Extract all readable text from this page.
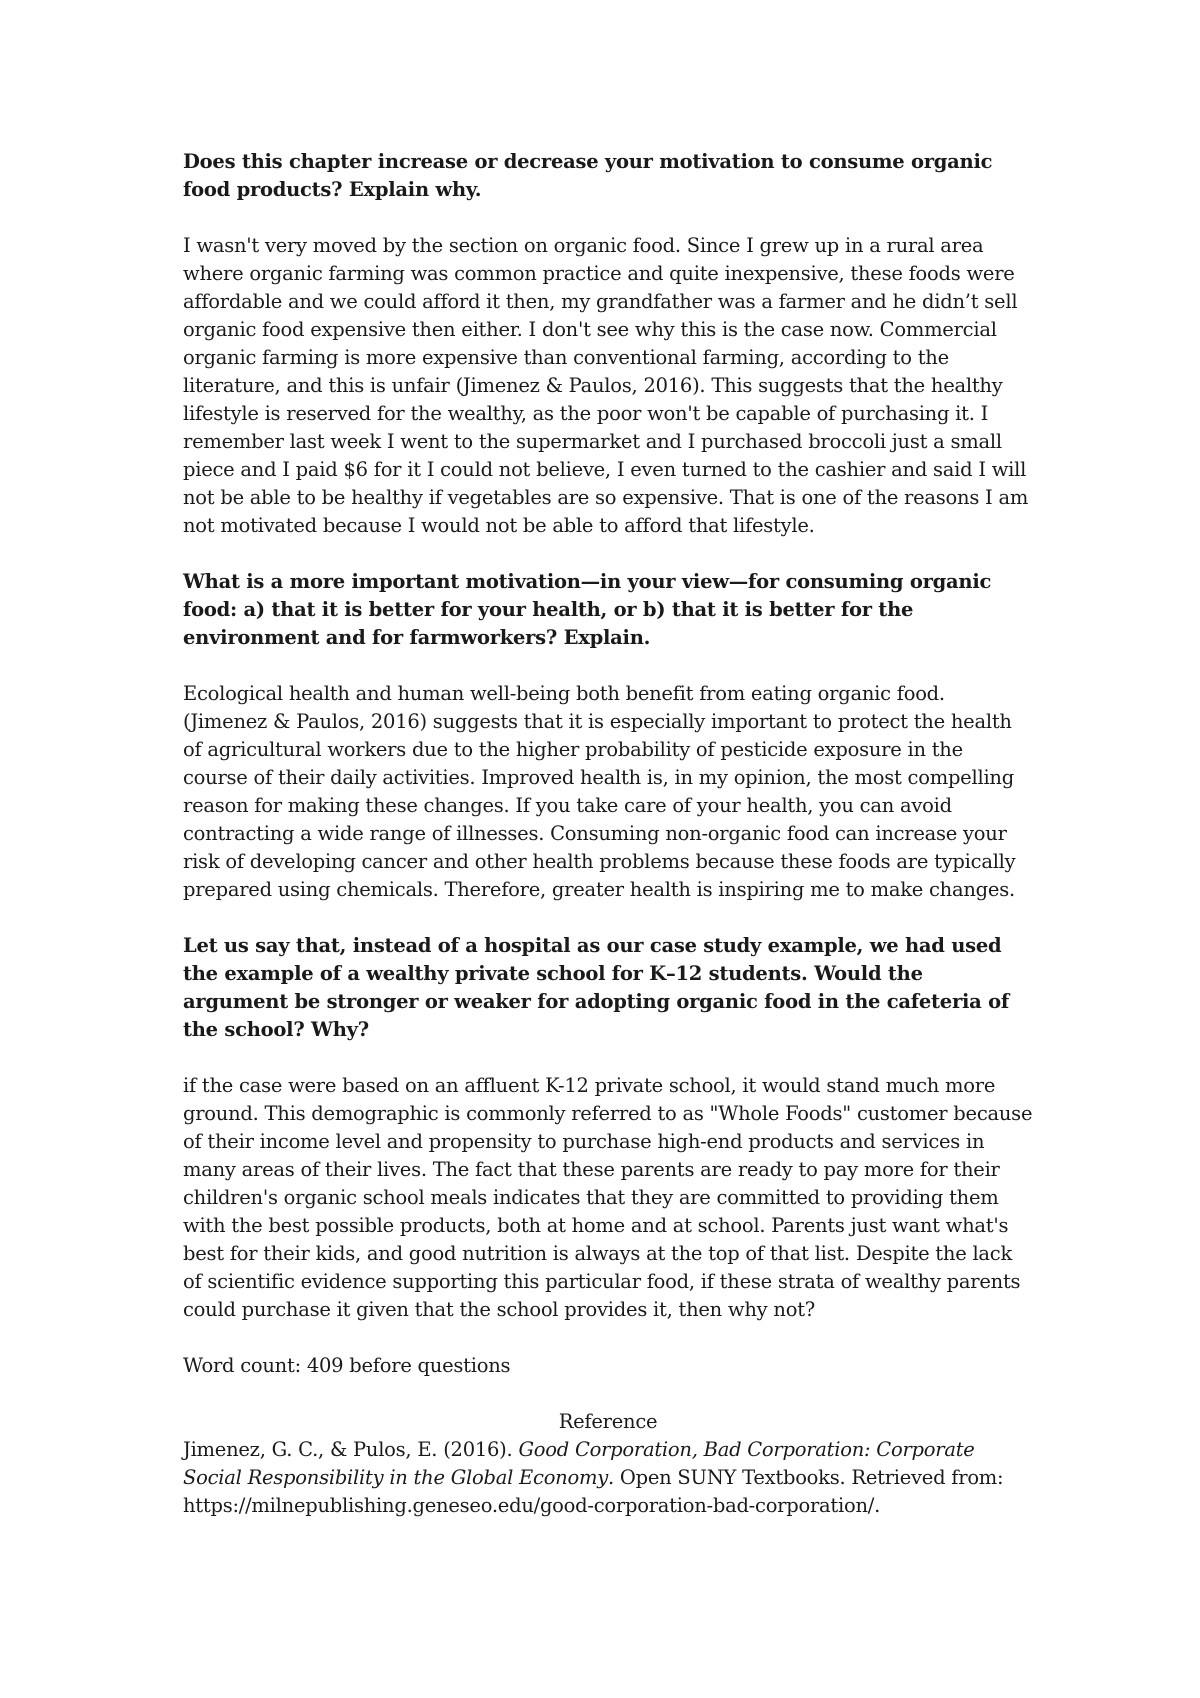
Does this chapter increase or decrease your motivation to consume organic food products? Explain why.

I wasn't very moved by the section on organic food. Since I grew up in a rural area where organic farming was common practice and quite inexpensive, these foods were affordable and we could afford it then, my grandfather was a farmer and he didn’t sell organic food expensive then either. I don't see why this is the case now. Commercial organic farming is more expensive than conventional farming, according to the literature, and this is unfair (Jimenez & Paulos, 2016). This suggests that the healthy lifestyle is reserved for the wealthy, as the poor won't be capable of purchasing it. I remember last week I went to the supermarket and I purchased broccoli just a small piece and I paid $6 for it I could not believe, I even turned to the cashier and said I will not be able to be healthy if vegetables are so expensive. That is one of the reasons I am not motivated because I would not be able to afford that lifestyle.

What is a more important motivation—in your view—for consuming organic food: a) that it is better for your health, or b) that it is better for the environment and for farmworkers? Explain.

Ecological health and human well-being both benefit from eating organic food. (Jimenez & Paulos, 2016) suggests that it is especially important to protect the health of agricultural workers due to the higher probability of pesticide exposure in the course of their daily activities. Improved health is, in my opinion, the most compelling reason for making these changes. If you take care of your health, you can avoid contracting a wide range of illnesses. Consuming non-organic food can increase your risk of developing cancer and other health problems because these foods are typically prepared using chemicals. Therefore, greater health is inspiring me to make changes.

Let us say that, instead of a hospital as our case study example, we had used the example of a wealthy private school for K–12 students. Would the argument be stronger or weaker for adopting organic food in the cafeteria of the school? Why?

if the case were based on an affluent K-12 private school, it would stand much more ground. This demographic is commonly referred to as "Whole Foods" customer because of their income level and propensity to purchase high-end products and services in many areas of their lives. The fact that these parents are ready to pay more for their children's organic school meals indicates that they are committed to providing them with the best possible products, both at home and at school. Parents just want what's best for their kids, and good nutrition is always at the top of that list. Despite the lack of scientific evidence supporting this particular food, if these strata of wealthy parents could purchase it given that the school provides it, then why not?

Word count: 409 before questions

Reference

Jimenez, G. C., & Pulos, E. (2016). Good Corporation, Bad Corporation: Corporate Social Responsibility in the Global Economy. Open SUNY Textbooks. Retrieved from: https://milnepublishing.geneseo.edu/good-corporation-bad-corporation/.
